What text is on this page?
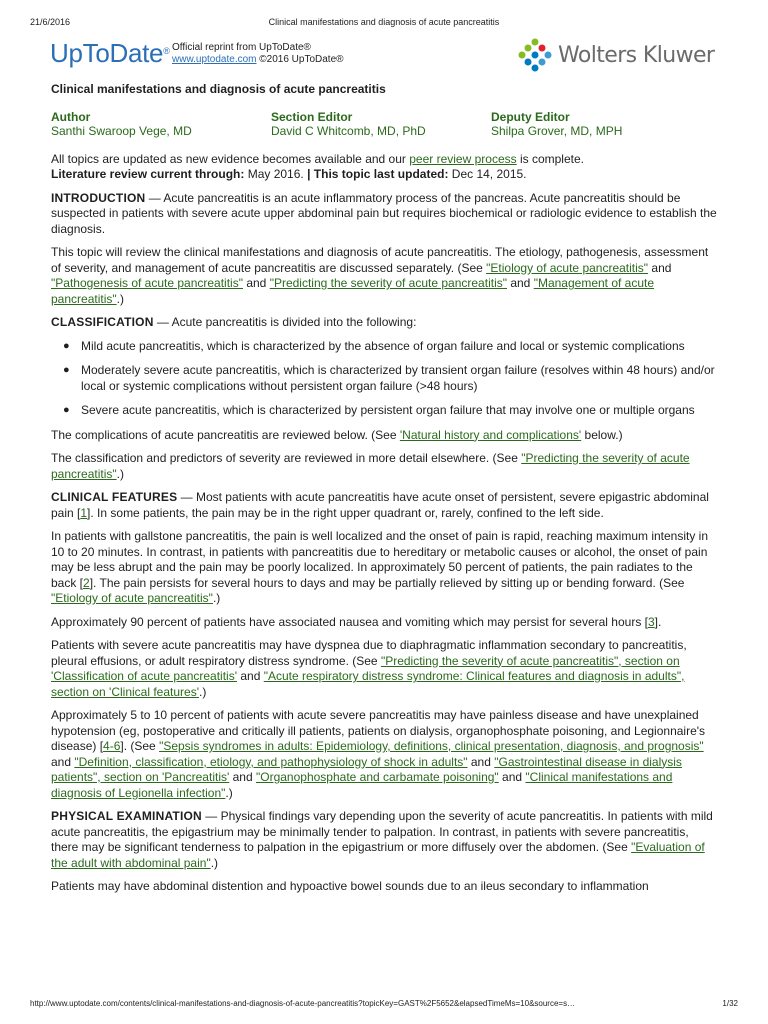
21/6/2016	Clinical manifestations and diagnosis of acute pancreatitis
UpToDate® Official reprint from UpToDate®
www.uptodate.com ©2016 UpToDate®	Wolters Kluwer
Clinical manifestations and diagnosis of acute pancreatitis
Author
Santhi Swaroop Vege, MD
Section Editor
David C Whitcomb, MD, PhD
Deputy Editor
Shilpa Grover, MD, MPH

All topics are updated as new evidence becomes available and our peer review process is complete.
Literature review current through: May 2016. | This topic last updated: Dec 14, 2015.

INTRODUCTION — Acute pancreatitis is an acute inflammatory process of the pancreas. Acute pancreatitis should be suspected in patients with severe acute upper abdominal pain but requires biochemical or radiologic evidence to establish the diagnosis.

This topic will review the clinical manifestations and diagnosis of acute pancreatitis. The etiology, pathogenesis, assessment of severity, and management of acute pancreatitis are discussed separately. (See "Etiology of acute pancreatitis" and "Pathogenesis of acute pancreatitis" and "Predicting the severity of acute pancreatitis" and "Management of acute pancreatitis".)

CLASSIFICATION — Acute pancreatitis is divided into the following:

● Mild acute pancreatitis, which is characterized by the absence of organ failure and local or systemic complications
● Moderately severe acute pancreatitis, which is characterized by transient organ failure (resolves within 48 hours) and/or local or systemic complications without persistent organ failure (>48 hours)
● Severe acute pancreatitis, which is characterized by persistent organ failure that may involve one or multiple organs

The complications of acute pancreatitis are reviewed below. (See 'Natural history and complications' below.)

The classification and predictors of severity are reviewed in more detail elsewhere. (See "Predicting the severity of acute pancreatitis".)

CLINICAL FEATURES — Most patients with acute pancreatitis have acute onset of persistent, severe epigastric abdominal pain [1]. In some patients, the pain may be in the right upper quadrant or, rarely, confined to the left side.

In patients with gallstone pancreatitis, the pain is well localized and the onset of pain is rapid, reaching maximum intensity in 10 to 20 minutes. In contrast, in patients with pancreatitis due to hereditary or metabolic causes or alcohol, the onset of pain may be less abrupt and the pain may be poorly localized. In approximately 50 percent of patients, the pain radiates to the back [2]. The pain persists for several hours to days and may be partially relieved by sitting up or bending forward. (See "Etiology of acute pancreatitis".)

Approximately 90 percent of patients have associated nausea and vomiting which may persist for several hours [3].

Patients with severe acute pancreatitis may have dyspnea due to diaphragmatic inflammation secondary to pancreatitis, pleural effusions, or adult respiratory distress syndrome. (See "Predicting the severity of acute pancreatitis", section on 'Classification of acute pancreatitis' and "Acute respiratory distress syndrome: Clinical features and diagnosis in adults", section on 'Clinical features'.)

Approximately 5 to 10 percent of patients with acute severe pancreatitis may have painless disease and have unexplained hypotension (eg, postoperative and critically ill patients, patients on dialysis, organophosphate poisoning, and Legionnaire's disease) [4-6]. (See "Sepsis syndromes in adults: Epidemiology, definitions, clinical presentation, diagnosis, and prognosis" and "Definition, classification, etiology, and pathophysiology of shock in adults" and "Gastrointestinal disease in dialysis patients", section on 'Pancreatitis' and "Organophosphate and carbamate poisoning" and "Clinical manifestations and diagnosis of Legionella infection".)

PHYSICAL EXAMINATION — Physical findings vary depending upon the severity of acute pancreatitis. In patients with mild acute pancreatitis, the epigastrium may be minimally tender to palpation. In contrast, in patients with severe pancreatitis, there may be significant tenderness to palpation in the epigastrium or more diffusely over the abdomen. (See "Evaluation of the adult with abdominal pain".)

Patients may have abdominal distention and hypoactive bowel sounds due to an ileus secondary to inflammation

http://www.uptodate.com/contents/clinical-manifestations-and-diagnosis-of-acute-pancreatitis?topicKey=GAST%2F5652&elapsedTimeMs=10&source=s…	1/32
